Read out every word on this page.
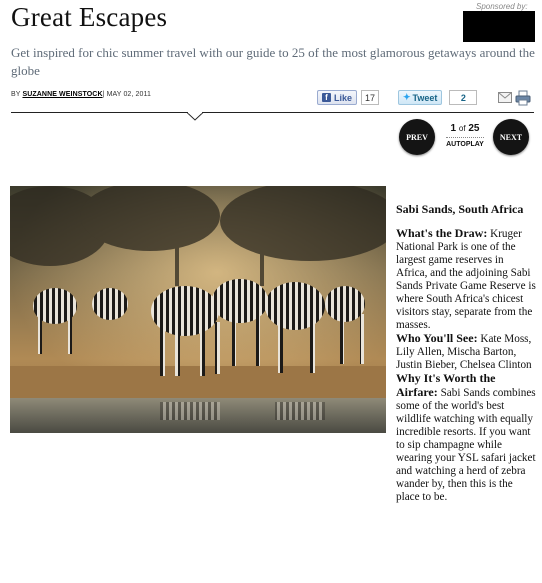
Great Escapes	Sponsored by:
Get inspired for chic summer travel with our guide to 25 of the most glamorous getaways around the globe
BY SUZANNE WEINSTOCK| MAY 02, 2011	f Like	17	✦ Tweet	2
PREV
1 of 25
AUTOPLAY
NEXT
Sabi Sands, South Africa

What's the Draw: Kruger National Park is one of the largest game reserves in Africa, and the adjoining Sabi Sands Private Game Reserve is where South Africa's chicest visitors stay, separate from the masses.

Who You'll See: Kate Moss, Lily Allen, Mischa Barton, Justin Bieber, Chelsea Clinton

Why It's Worth the Airfare: Sabi Sands combines some of the world's best wildlife watching with equally incredible resorts. If you want to sip champagne while wearing your YSL safari jacket and watching a herd of zebra wander by, then this is the place to be.
